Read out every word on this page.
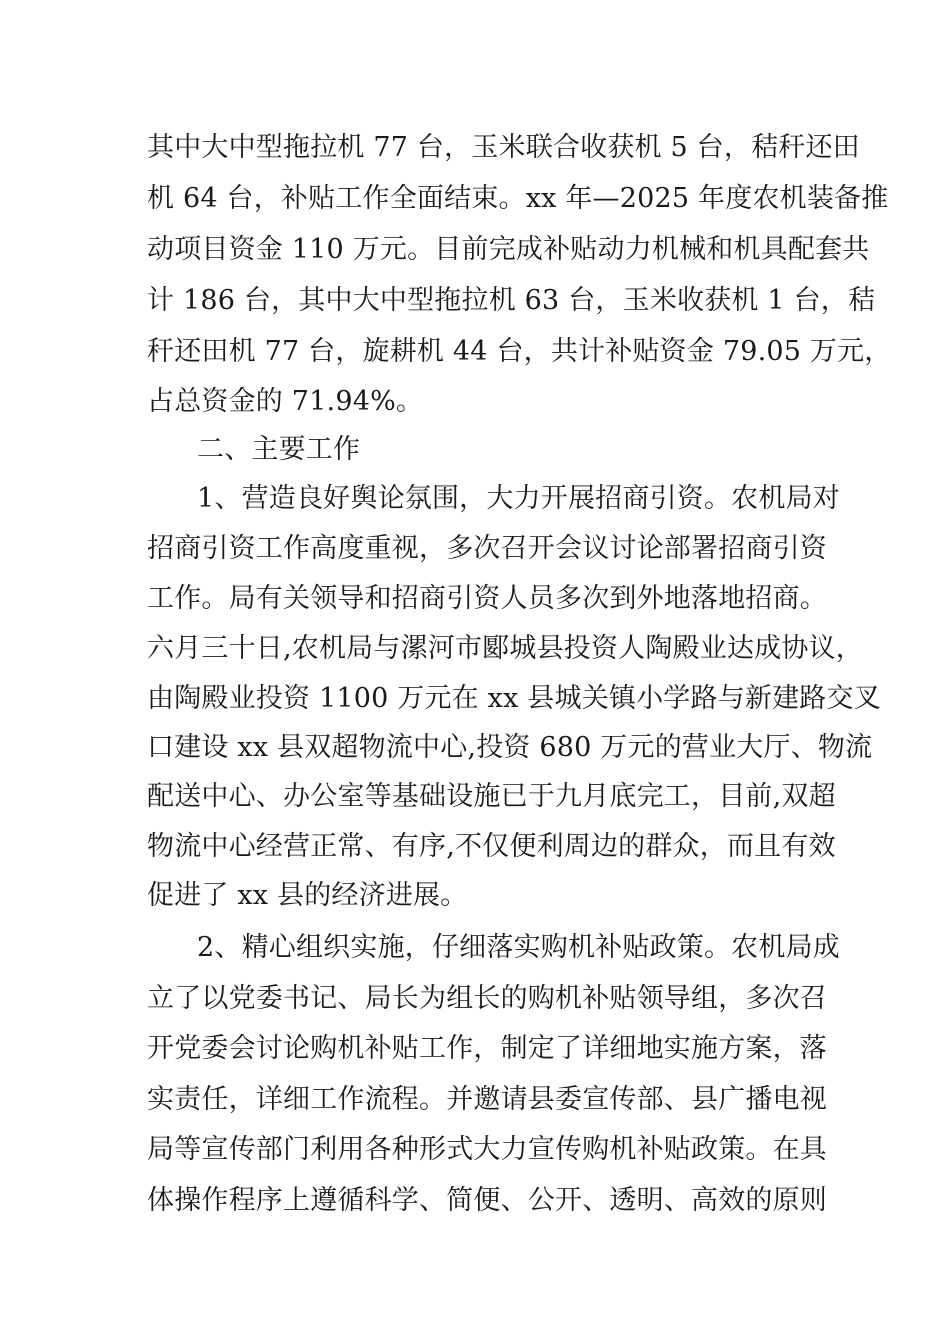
其中大中型拖拉机 77 台，玉米联合收获机 5 台，秸秆还田
机 64 台，补贴工作全面结束。xx 年—2025 年度农机装备推
动项目资金 110 万元。目前完成补贴动力机械和机具配套共
计 186 台，其中大中型拖拉机 63 台，玉米收获机 1 台，秸
秆还田机 77 台，旋耕机 44 台，共计补贴资金 79.05 万元，
占总资金的 71.94%。
二、主要工作
1、营造良好舆论氛围，大力开展招商引资。农机局对
招商引资工作高度重视，多次召开会议讨论部署招商引资
工作。局有关领导和招商引资人员多次到外地落地招商。
六月三十日,农机局与漯河市郾城县投资人陶殿业达成协议，
由陶殿业投资 1100 万元在 xx 县城关镇小学路与新建路交叉
口建设 xx 县双超物流中心,投资 680 万元的营业大厅、物流
配送中心、办公室等基础设施已于九月底完工，目前,双超
物流中心经营正常、有序,不仅便利周边的群众，而且有效
促进了 xx 县的经济进展。
2、精心组织实施，仔细落实购机补贴政策。农机局成
立了以党委书记、局长为组长的购机补贴领导组，多次召
开党委会讨论购机补贴工作，制定了详细地实施方案，落
实责任，详细工作流程。并邀请县委宣传部、县广播电视
局等宣传部门利用各种形式大力宣传购机补贴政策。在具
体操作程序上遵循科学、简便、公开、透明、高效的原则
